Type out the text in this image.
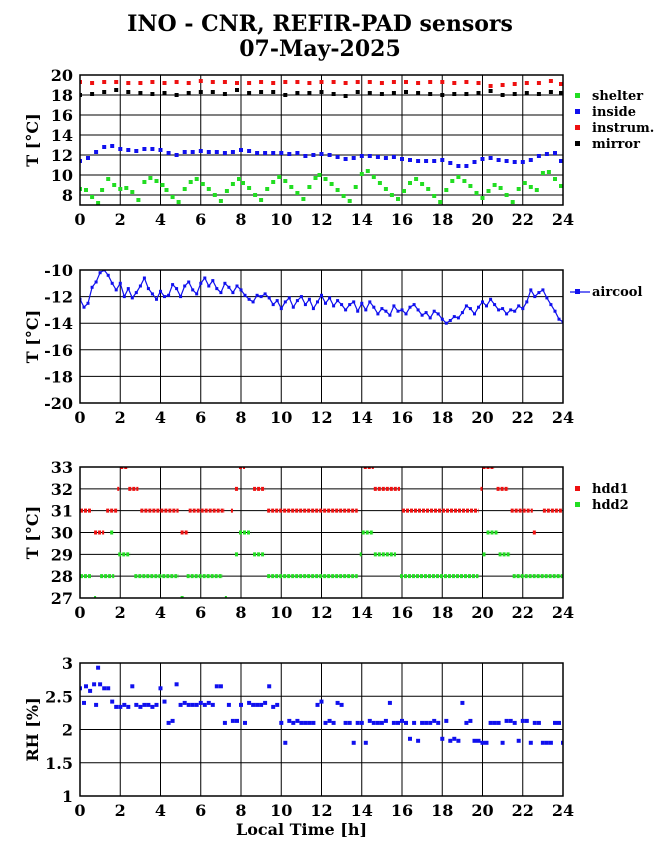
INO - CNR, REFIR-PAD sensors
07-May-2025
0 2 4 6 8 10 12 14 16 18 20 22 24
8
10
12
14
16
18
20
T [°C]
shelter
inside
instrum.
mirror
0 2 4 6 8 10 12 14 16 18 20 22 24
-20
-18
-16
-14
-12
-10
T [°C]
aircool
0 2 4 6 8 10 12 14 16 18 20 22 24
27
28
29
30
31
32
33
T [°C]
hdd1
hdd2
0 2 4 6 8 10 12 14 16 18 20 22 24
1
1.5
2
2.5
3
RH [%]
Local Time [h]
